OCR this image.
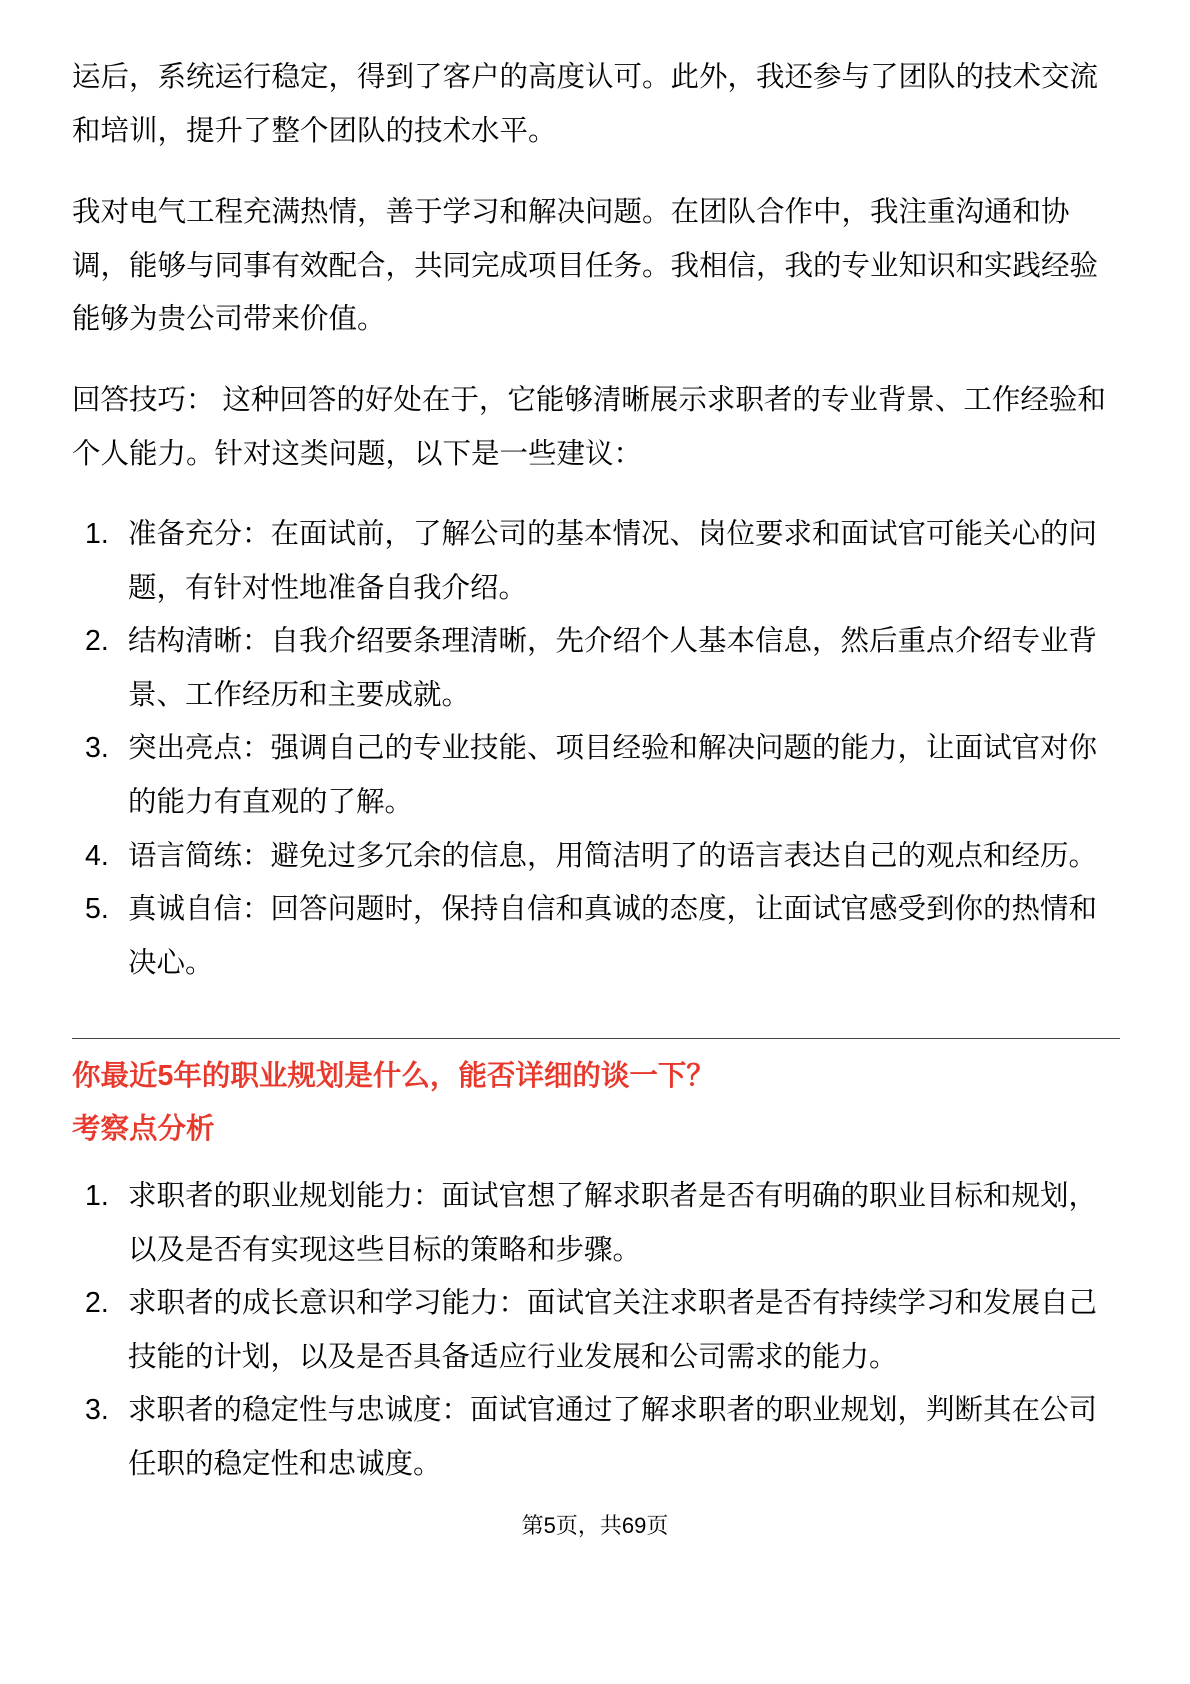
运后，系统运行稳定，得到了客户的高度认可。此外，我还参与了团队的技术交流和培训，提升了整个团队的技术水平。

我对电气工程充满热情，善于学习和解决问题。在团队合作中，我注重沟通和协调，能够与同事有效配合，共同完成项目任务。我相信，我的专业知识和实践经验能够为贵公司带来价值。

回答技巧： 这种回答的好处在于，它能够清晰展示求职者的专业背景、工作经验和个人能力。针对这类问题，以下是一些建议：

1. 准备充分：在面试前，了解公司的基本情况、岗位要求和面试官可能关心的问题，有针对性地准备自我介绍。
2. 结构清晰：自我介绍要条理清晰，先介绍个人基本信息，然后重点介绍专业背景、工作经历和主要成就。
3. 突出亮点：强调自己的专业技能、项目经验和解决问题的能力，让面试官对你的能力有直观的了解。
4. 语言简练：避免过多冗余的信息，用简洁明了的语言表达自己的观点和经历。
5. 真诚自信：回答问题时，保持自信和真诚的态度，让面试官感受到你的热情和决心。
你最近5年的职业规划是什么，能否详细的谈一下？
考察点分析
1. 求职者的职业规划能力：面试官想了解求职者是否有明确的职业目标和规划，以及是否有实现这些目标的策略和步骤。
2. 求职者的成长意识和学习能力：面试官关注求职者是否有持续学习和发展自己技能的计划，以及是否具备适应行业发展和公司需求的能力。
3. 求职者的稳定性与忠诚度：面试官通过了解求职者的职业规划，判断其在公司任职的稳定性和忠诚度。
第5页，共69页
